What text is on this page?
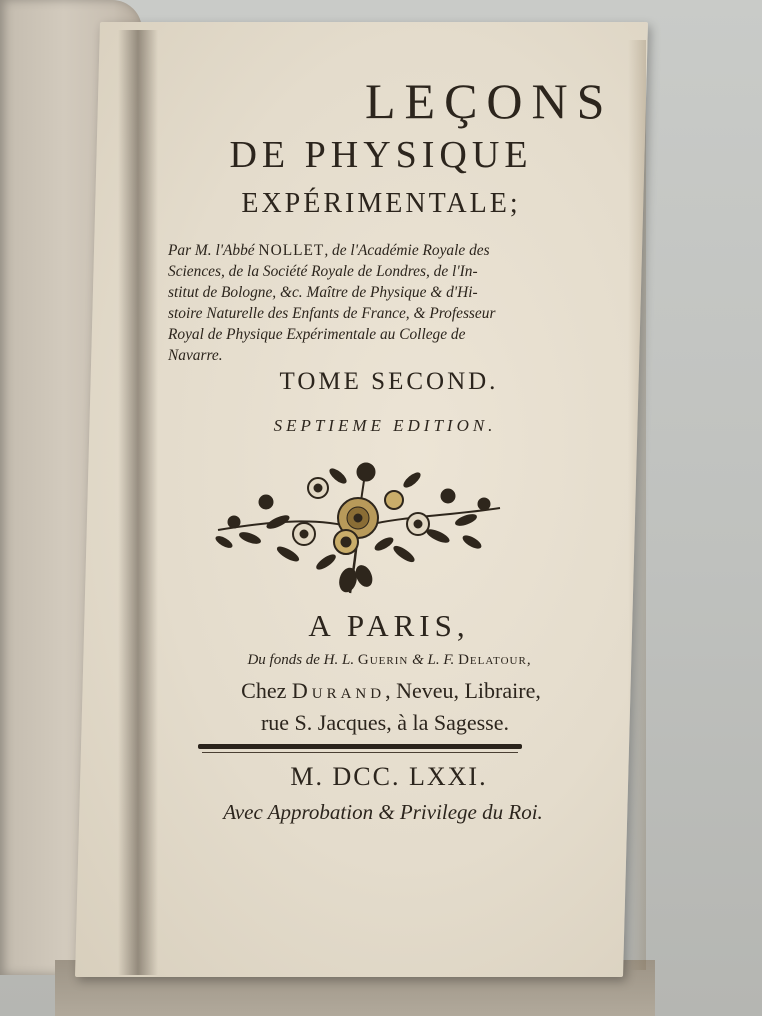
LEÇONS
DE PHYSIQUE
EXPÉRIMENTALE;
Par M. l'Abbé NOLLET, de l'Académie Royale des
Sciences, de la Société Royale de Londres, de l'In-
stitut de Bologne, &c. Maître de Physique & d'Hi-
stoire Naturelle des Enfants de France, & Professeur
Royal de Physique Expérimentale au College de
Navarre.
TOME SECOND.
SEPTIEME EDITION.
A PARIS,
Du fonds de H. L. Guerin & L. F. Delatour,
Chez Durand, Neveu, Libraire,
rue S. Jacques, à la Sagesse.
M. DCC. LXXI.
Avec Approbation & Privilege du Roi.
